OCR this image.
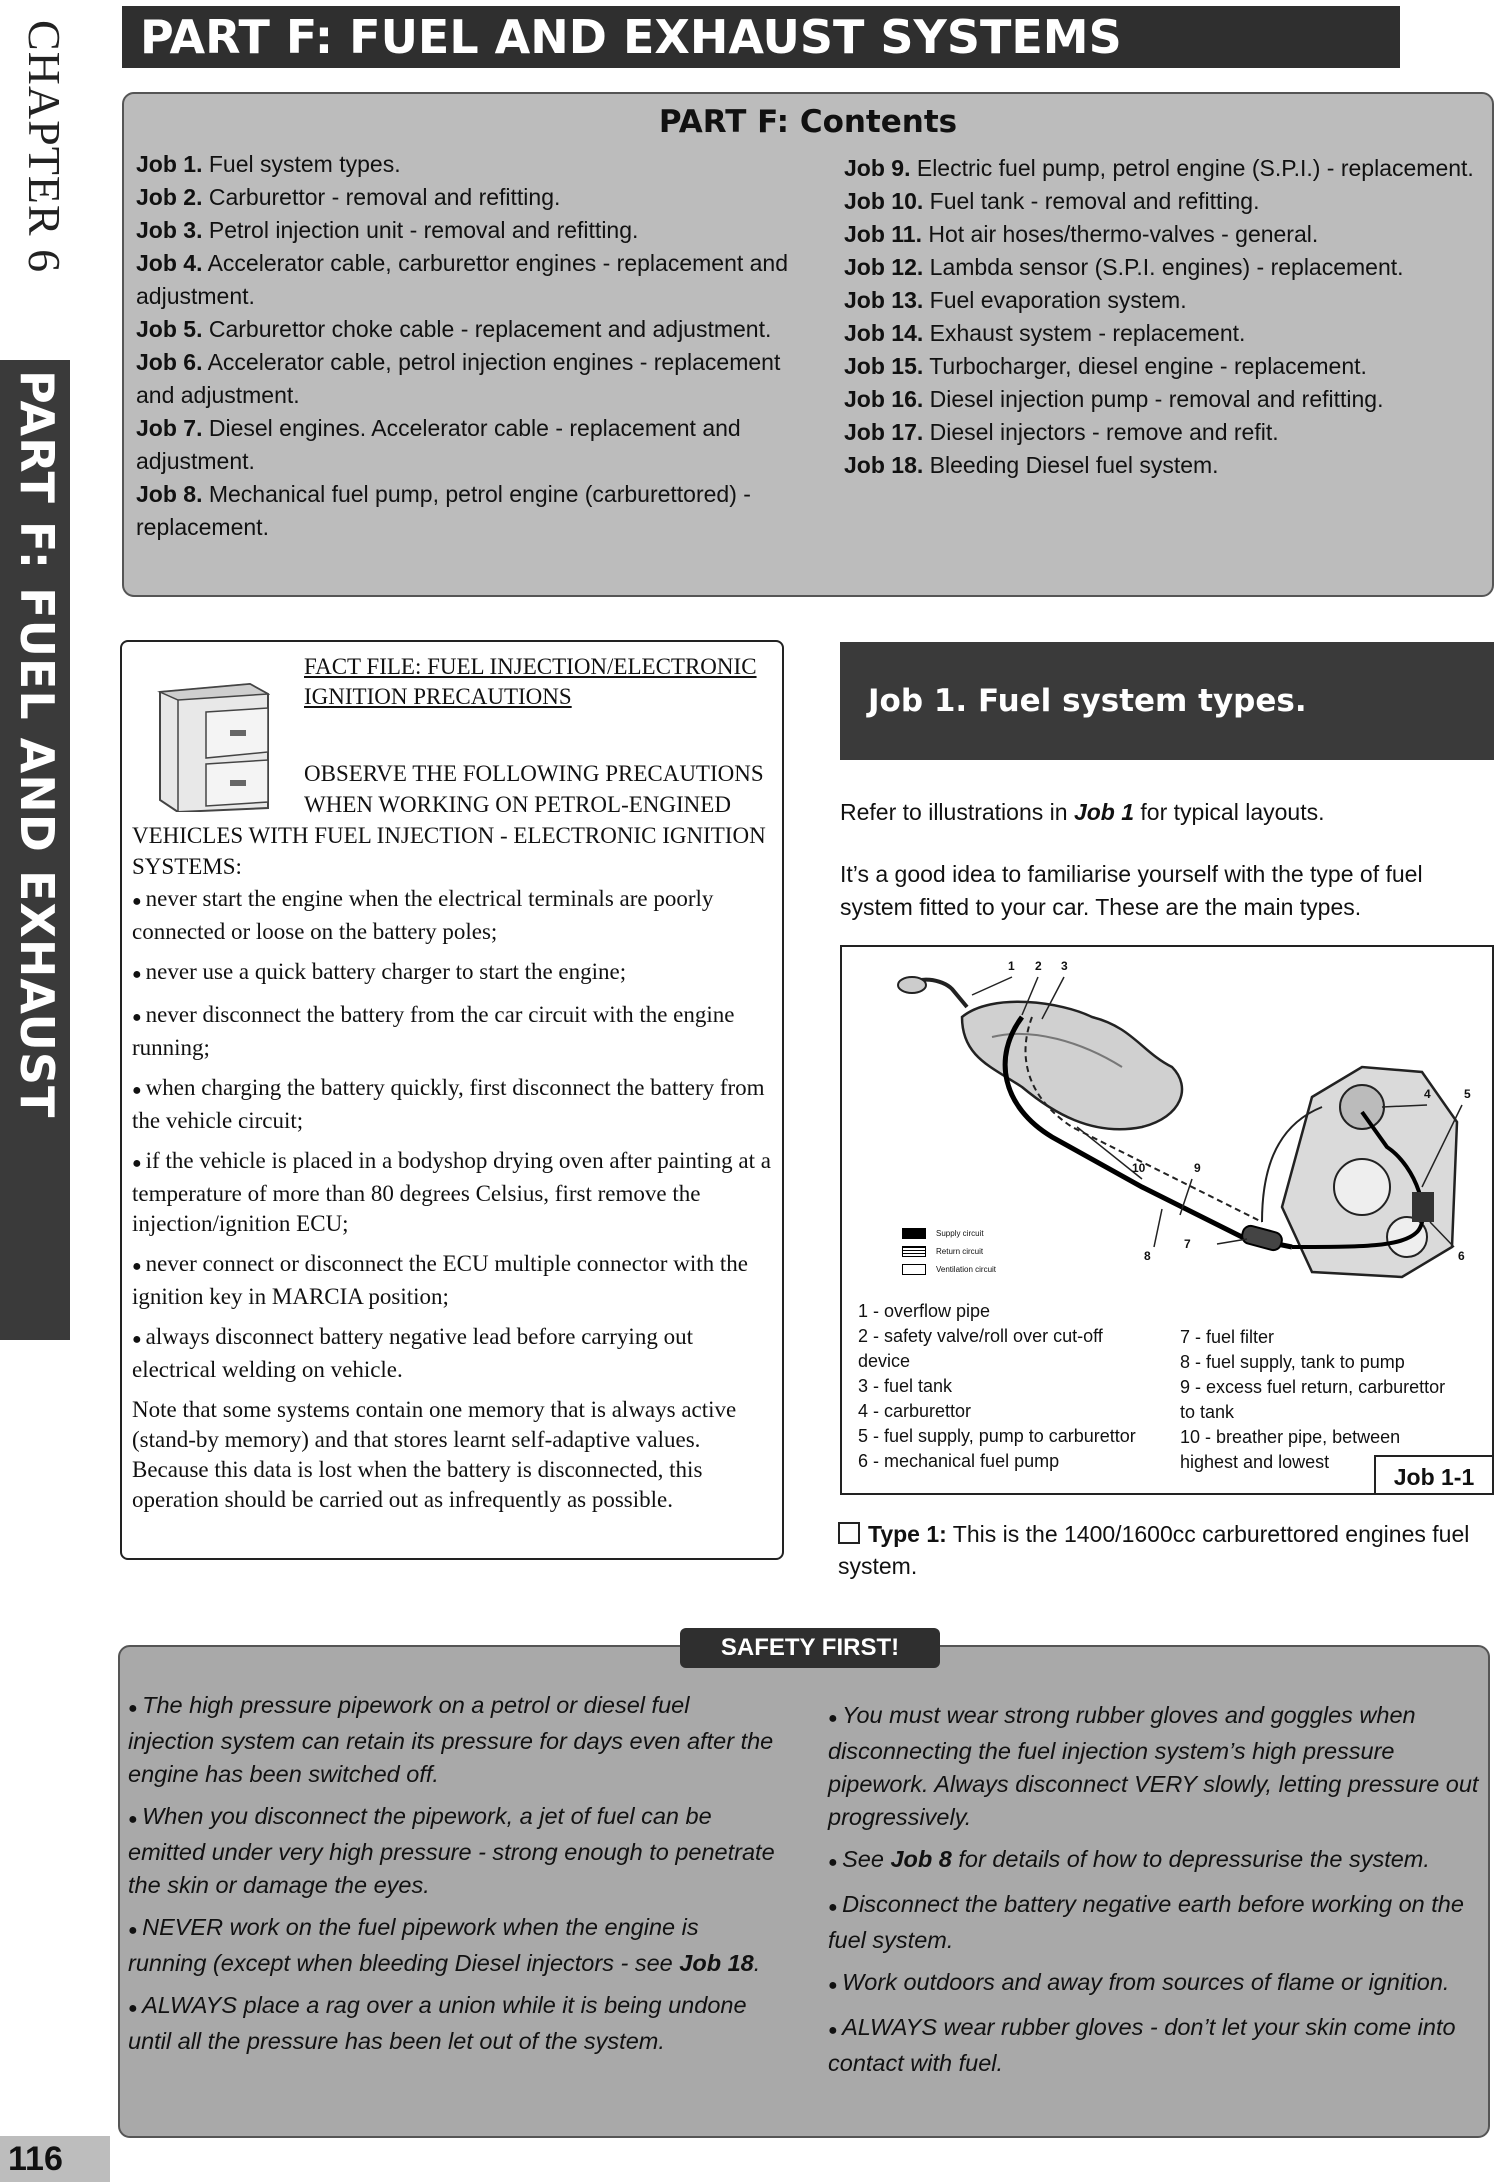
CHAPTER 6
PART F: FUEL AND EXHAUST
116
PART F: FUEL AND EXHAUST SYSTEMS
PART F: Contents

Job 1. Fuel system types.

Job 2. Carburettor - removal and refitting.

Job 3. Petrol injection unit - removal and refitting.

Job 4. Accelerator cable, carburettor engines - replacement and adjustment.

Job 5. Carburettor choke cable - replacement and adjustment.

Job 6. Accelerator cable, petrol injection engines - replacement and adjustment.

Job 7. Diesel engines. Accelerator cable - replacement and adjustment.

Job 8. Mechanical fuel pump, petrol engine (carburettored) - replacement.

Job 9. Electric fuel pump, petrol engine (S.P.I.) - replacement.

Job 10. Fuel tank - removal and refitting.

Job 11. Hot air hoses/thermo-valves - general.

Job 12. Lambda sensor (S.P.I. engines) - replacement.

Job 13. Fuel evaporation system.

Job 14. Exhaust system - replacement.

Job 15. Turbocharger, diesel engine - replacement.

Job 16. Diesel injection pump - removal and refitting.

Job 17. Diesel injectors - remove and refit.

Job 18. Bleeding Diesel fuel system.

FACT FILE: FUEL INJECTION/ELECTRONIC IGNITION PRECAUTIONS
OBSERVE THE FOLLOWING PRECAUTIONS
WHEN WORKING ON PETROL-ENGINED
VEHICLES WITH FUEL INJECTION - ELECTRONIC IGNITION SYSTEMS:

● never start the engine when the electrical terminals are poorly connected or loose on the battery poles;

● never use a quick battery charger to start the engine;

● never disconnect the battery from the car circuit with the engine running;

● when charging the battery quickly, first disconnect the battery from the vehicle circuit;

● if the vehicle is placed in a bodyshop drying oven after painting at a temperature of more than 80 degrees Celsius, first remove the injection/ignition ECU;

● never connect or disconnect the ECU multiple connector with the ignition key in MARCIA position;

● always disconnect battery negative lead before carrying out electrical welding on vehicle.

Note that some systems contain one memory that is always active (stand-by memory) and that stores learnt self-adaptive values. Because this data is lost when the battery is disconnected, this operation should be carried out as infrequently as possible.

Job 1. Fuel system types.
Refer to illustrations in Job 1 for typical layouts.
It’s a good idea to familiarise yourself with the type of fuel system fitted to your car. These are the main types.
1 2 3
4	5
6
7
8
9
10
Supply circuit
Return circuit
Ventilation circuit
1 - overflow pipe
2 - safety valve/roll over cut-off
device
3 - fuel tank
4 - carburettor
5 - fuel supply, pump to carburettor
6 - mechanical fuel pump
7 - fuel filter
8 - fuel supply, tank to pump
9 - excess fuel return, carburettor
to tank
10 - breather pipe, between
highest and lowest
Job 1-1
Type 1: This is the 1400/1600cc carburettored engines fuel system.

● The high pressure pipework on a petrol or diesel fuel injection system can retain its pressure for days even after the engine has been switched off.

● When you disconnect the pipework, a jet of fuel can be emitted under very high pressure - strong enough to penetrate the skin or damage the eyes.

● NEVER work on the fuel pipework when the engine is running (except when bleeding Diesel injectors - see Job 18.

● ALWAYS place a rag over a union while it is being undone until all the pressure has been let out of the system.

● You must wear strong rubber gloves and goggles when disconnecting the fuel injection system’s high pressure pipework. Always disconnect VERY slowly, letting pressure out progressively.

● See Job 8 for details of how to depressurise the system.

● Disconnect the battery negative earth before working on the fuel system.

● Work outdoors and away from sources of flame or ignition.

● ALWAYS wear rubber gloves - don’t let your skin come into contact with fuel.

SAFETY FIRST!
